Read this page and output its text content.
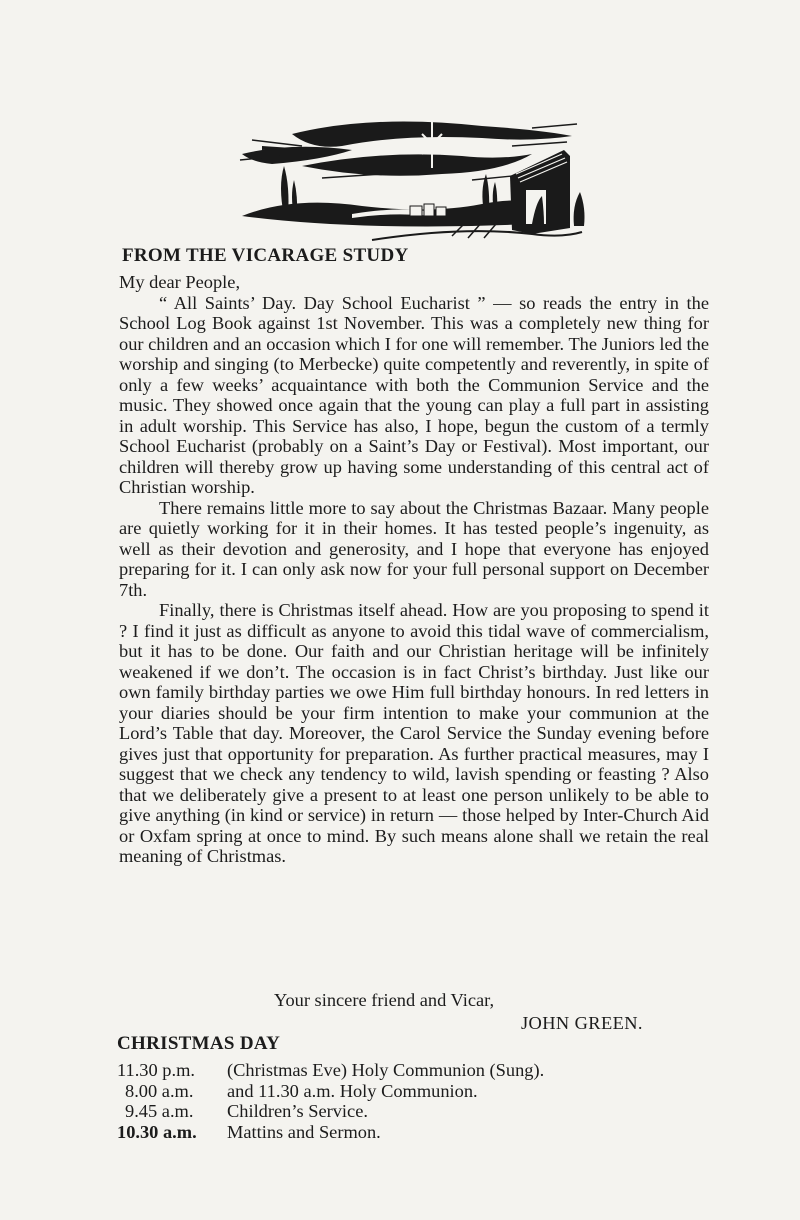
FROM THE VICARAGE STUDY

My dear People,

“ All Saints’ Day. Day School Eucharist ” — so reads the entry in the School Log Book against 1st November. This was a completely new thing for our children and an occasion which I for one will remember. The Juniors led the worship and singing (to Merbecke) quite competently and reverently, in spite of only a few weeks’ acquaintance with both the Communion Service and the music. They showed once again that the young can play a full part in assisting in adult worship. This Service has also, I hope, begun the custom of a termly School Eucharist (probably on a Saint’s Day or Festival). Most important, our children will thereby grow up having some understanding of this central act of Christian worship.

There remains little more to say about the Christmas Bazaar. Many people are quietly working for it in their homes. It has tested people’s ingenuity, as well as their devotion and generosity, and I hope that everyone has enjoyed preparing for it. I can only ask now for your full personal support on December 7th.

Finally, there is Christmas itself ahead. How are you proposing to spend it ? I find it just as difficult as anyone to avoid this tidal wave of commercialism, but it has to be done. Our faith and our Christian heritage will be infinitely weakened if we don’t. The occasion is in fact Christ’s birthday. Just like our own family birthday parties we owe Him full birthday honours. In red letters in your diaries should be your firm intention to make your communion at the Lord’s Table that day. Moreover, the Carol Service the Sunday evening before gives just that opportunity for preparation. As further practical measures, may I suggest that we check any tendency to wild, lavish spending or feasting ? Also that we deliberately give a present to at least one person unlikely to be able to give anything (in kind or service) in return — those helped by Inter-Church Aid or Oxfam spring at once to mind. By such means alone shall we retain the real meaning of Christmas.

Your sincere friend and Vicar,
JOHN GREEN.
CHRISTMAS DAY
11.30 p.m.	(Christmas Eve) Holy Communion (Sung).
8.00 a.m.	and 11.30 a.m. Holy Communion.
9.45 a.m.	Children’s Service.
10.30 a.m.	Mattins and Sermon.
